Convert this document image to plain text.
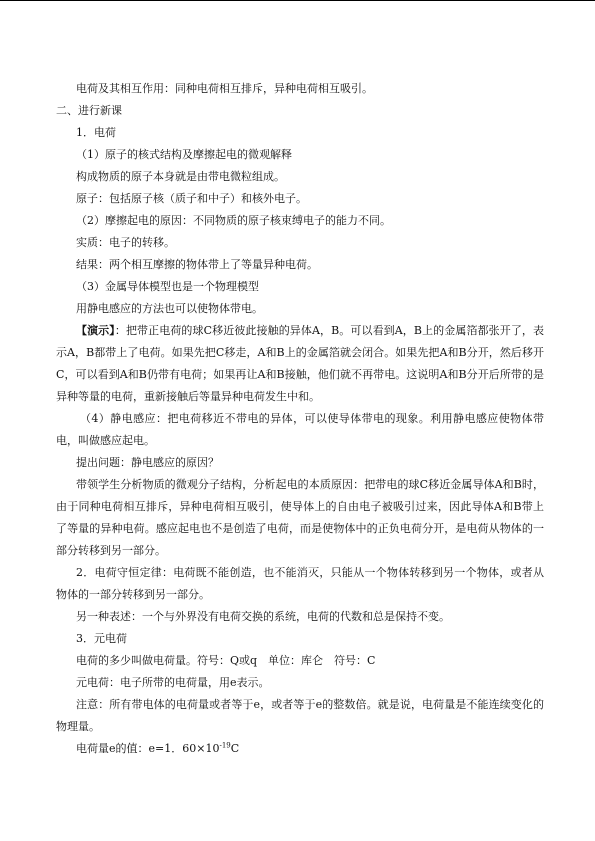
电荷及其相互作用：同种电荷相互排斥，异种电荷相互吸引。
二、进行新课
1．电荷
（1）原子的核式结构及摩擦起电的微观解释
构成物质的原子本身就是由带电微粒组成。
原子：包括原子核（质子和中子）和核外电子。
（2）摩擦起电的原因：不同物质的原子核束缚电子的能力不同。
实质：电子的转移。
结果：两个相互摩擦的物体带上了等量异种电荷。
（3）金属导体模型也是一个物理模型
用静电感应的方法也可以使物体带电。
【演示】：把带正电荷的球C移近彼此接触的异体A，B。可以看到A，B上的金属箔都张开了，表示A，B都带上了电荷。如果先把C移走，A和B上的金属箔就会闭合。如果先把A和B分开，然后移开C，可以看到A和B仍带有电荷；如果再让A和B接触，他们就不再带电。这说明A和B分开后所带的是异种等量的电荷，重新接触后等量异种电荷发生中和。
（4）静电感应：把电荷移近不带电的异体，可以使导体带电的现象。利用静电感应使物体带电，叫做感应起电。
提出问题：静电感应的原因？
带领学生分析物质的微观分子结构，分析起电的本质原因：把带电的球C移近金属导体A和B时，由于同种电荷相互排斥，异种电荷相互吸引，使导体上的自由电子被吸引过来，因此导体A和B带上了等量的异种电荷。感应起电也不是创造了电荷，而是使物体中的正负电荷分开，是电荷从物体的一部分转移到另一部分。
2．电荷守恒定律：电荷既不能创造，也不能消灭，只能从一个物体转移到另一个物体，或者从物体的一部分转移到另一部分。
另一种表述：一个与外界没有电荷交换的系统，电荷的代数和总是保持不变。
3．元电荷
电荷的多少叫做电荷量。符号：Q或q　单位：库仑　符号：C
元电荷：电子所带的电荷量，用e表示。
注意：所有带电体的电荷量或者等于e，或者等于e的整数倍。就是说，电荷量是不能连续变化的物理量。
电荷量e的值：e=1．$60\times 10^{-19}C$
